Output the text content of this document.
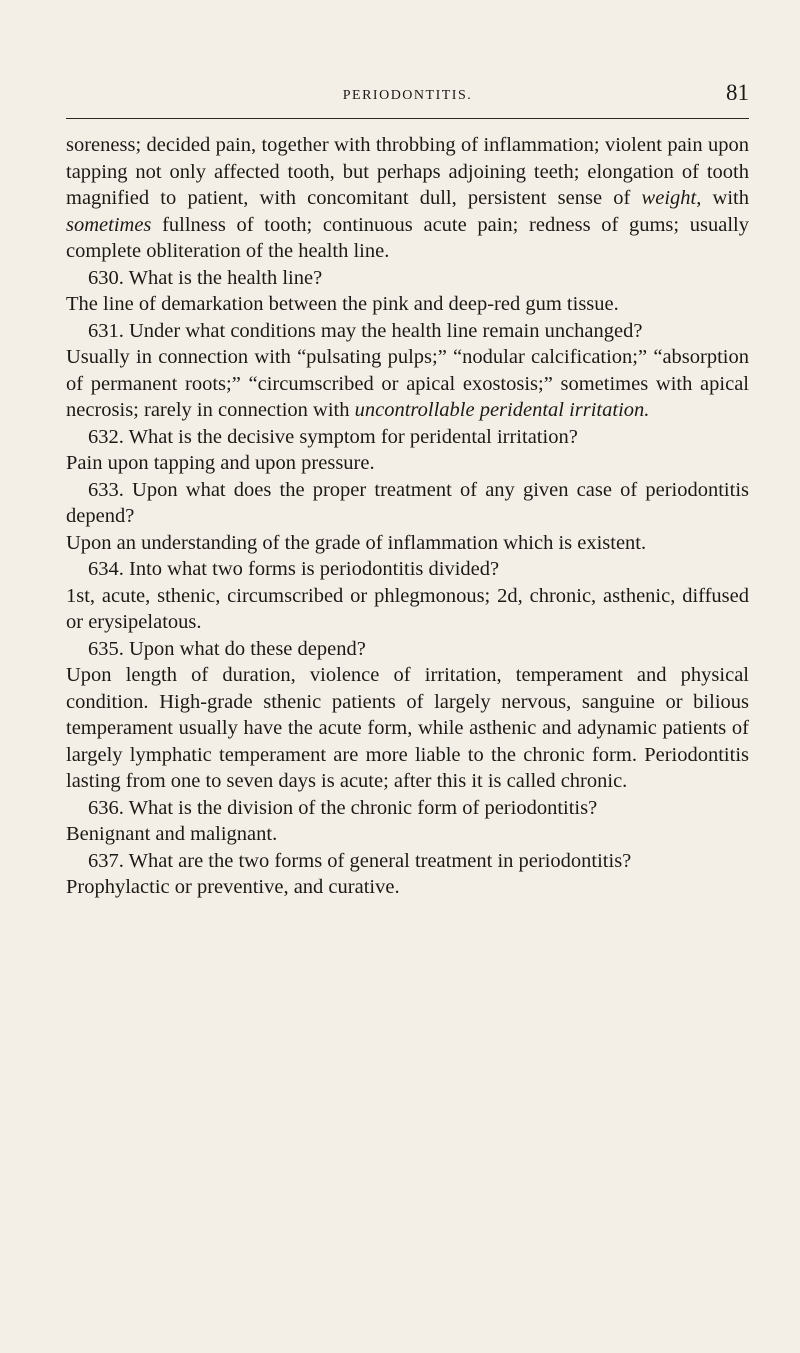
PERIODONTITIS.	81

soreness; decided pain, together with throbbing of inflammation; violent pain upon tapping not only affected tooth, but perhaps adjoining teeth; elongation of tooth magnified to patient, with concomitant dull, persistent sense of weight, with sometimes fullness of tooth; continuous acute pain; redness of gums; usually complete obliteration of the health line.

630. What is the health line?

The line of demarkation between the pink and deep-red gum tissue.

631. Under what conditions may the health line remain unchanged?

Usually in connection with “pulsating pulps;” “nodular calcification;” “absorption of permanent roots;” “circumscribed or apical exostosis;” sometimes with apical necrosis; rarely in connection with uncontrollable peridental irritation.

632. What is the decisive symptom for peridental irritation?

Pain upon tapping and upon pressure.

633. Upon what does the proper treatment of any given case of periodontitis depend?

Upon an understanding of the grade of inflammation which is existent.

634. Into what two forms is periodontitis divided?

1st, acute, sthenic, circumscribed or phlegmonous; 2d, chronic, asthenic, diffused or erysipelatous.

635. Upon what do these depend?

Upon length of duration, violence of irritation, temperament and physical condition. High-grade sthenic patients of largely nervous, sanguine or bilious temperament usually have the acute form, while asthenic and adynamic patients of largely lymphatic temperament are more liable to the chronic form. Periodontitis lasting from one to seven days is acute; after this it is called chronic.

636. What is the division of the chronic form of periodontitis?

Benignant and malignant.

637. What are the two forms of general treatment in periodontitis?

Prophylactic or preventive, and curative.
